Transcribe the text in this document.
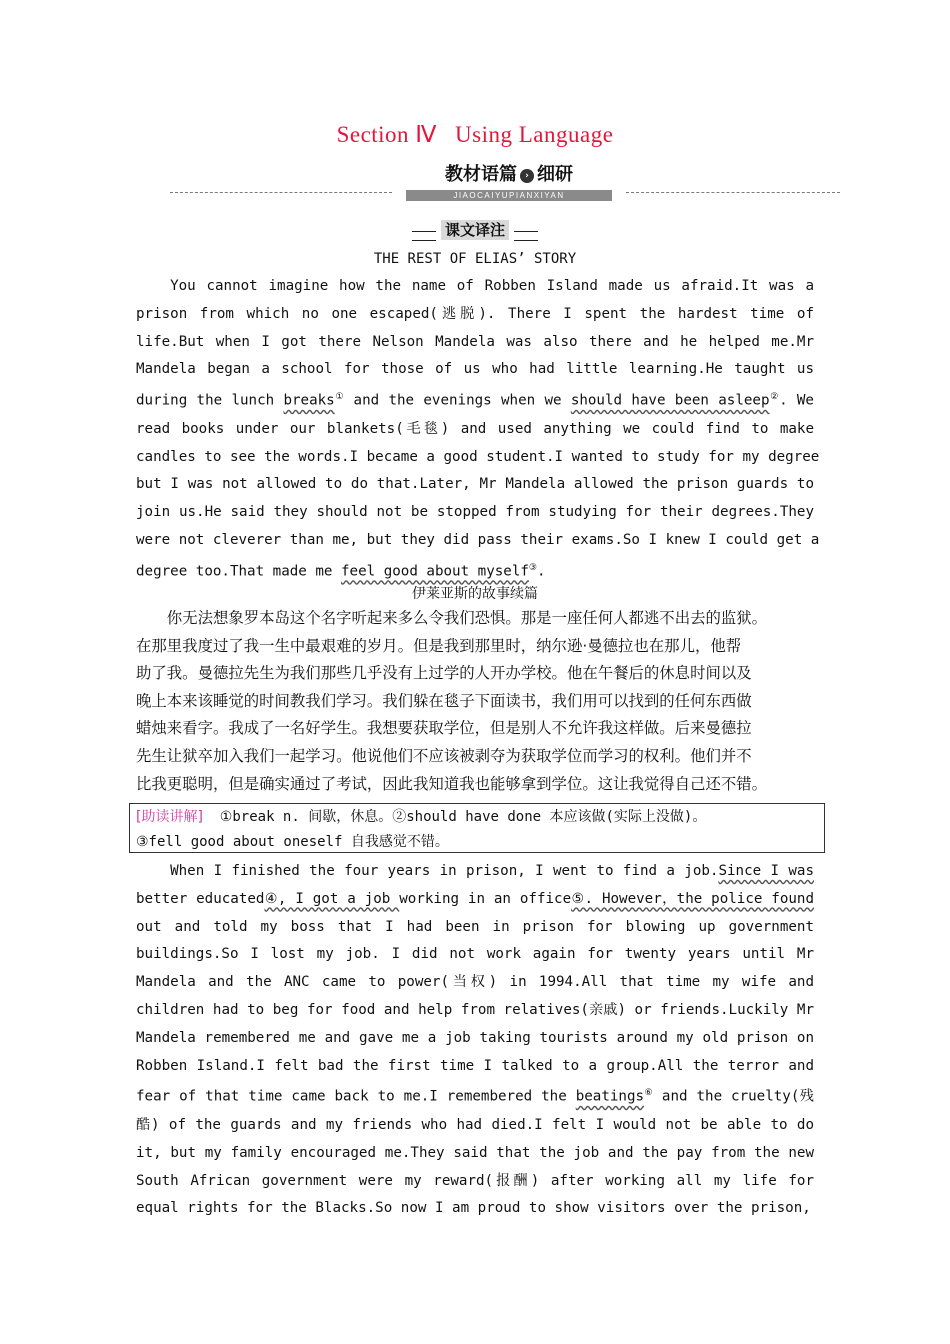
Section Ⅳ Using Language
教材语篇 › 细研
JIAOCAIYUPIANXIYAN
课文译注
THE REST OF ELIAS’ STORY
You cannot imagine how the name of Robben Island made us afraid.It was a
prison from which no one escaped(逃脱). There I spent the hardest time of
life.But when I got there Nelson Mandela was also there and he helped me.Mr
Mandela began a school for those of us who had little learning.He taught us
during the lunch breaks① and the evenings when we should have been asleep②. We
read books under our blankets(毛毯) and used anything we could find to make
candles to see the words.I became a good student.I wanted to study for my degree
but I was not allowed to do that.Later, Mr Mandela allowed the prison guards to
join us.He said they should not be stopped from studying for their degrees.They
were not cleverer than me, but they did pass their exams.So I knew I could get a
degree too.That made me feel good about myself③.
伊莱亚斯的故事续篇
你无法想象罗本岛这个名字听起来多么令我们恐惧。那是一座任何人都逃不出去的监狱。
在那里我度过了我一生中最艰难的岁月。但是我到那里时，纳尔逊·曼德拉也在那儿，他帮
助了我。曼德拉先生为我们那些几乎没有上过学的人开办学校。他在午餐后的休息时间以及
晚上本来该睡觉的时间教我们学习。我们躲在毯子下面读书，我们用可以找到的任何东西做
蜡烛来看字。我成了一名好学生。我想要获取学位，但是别人不允许我这样做。后来曼德拉
先生让狱卒加入我们一起学习。他说他们不应该被剥夺为获取学位而学习的权利。他们并不
比我更聪明，但是确实通过了考试，因此我知道我也能够拿到学位。这让我觉得自己还不错。
[助读讲解] ①break n. 间歇，休息。②should have done 本应该做(实际上没做)。
③fell good about oneself 自我感觉不错。
When I finished the four years in prison, I went to find a job.Since I was
better educated④, I got a job working in an office⑤. However，the police found
out and told my boss that I had been in prison for blowing up government
buildings.So I lost my job. I did not work again for twenty years until Mr
Mandela and the ANC came to power(当权) in 1994.All that time my wife and
children had to beg for food and help from relatives(亲戚) or friends.Luckily Mr
Mandela remembered me and gave me a job taking tourists around my old prison on
Robben Island.I felt bad the first time I talked to a group.All the terror and
fear of that time came back to me.I remembered the beatings⑥ and the cruelty(残
酷) of the guards and my friends who had died.I felt I would not be able to do
it, but my family encouraged me.They said that the job and the pay from the new
South African government were my reward(报酬) after working all my life for
equal rights for the Blacks.So now I am proud to show visitors over the prison,
